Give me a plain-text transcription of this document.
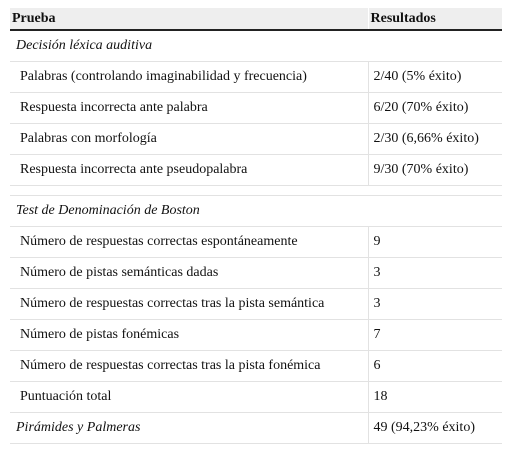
Prueba	Resultados
Decisión léxica auditiva	
Palabras (controlando imaginabilidad y frecuencia)	2/40 (5% éxito)
Respuesta incorrecta ante palabra	6/20 (70% éxito)
Palabras con morfología	2/30 (6,66% éxito)
Respuesta incorrecta ante pseudopalabra	9/30 (70% éxito)

Test de Denominación de Boston	
Número de respuestas correctas espontáneamente	9
Número de pistas semánticas dadas	3
Número de respuestas correctas tras la pista semántica	3
Número de pistas fonémicas	7
Número de respuestas correctas tras la pista fonémica	6
Puntuación total	18
Pirámides y Palmeras	49 (94,23% éxito)
